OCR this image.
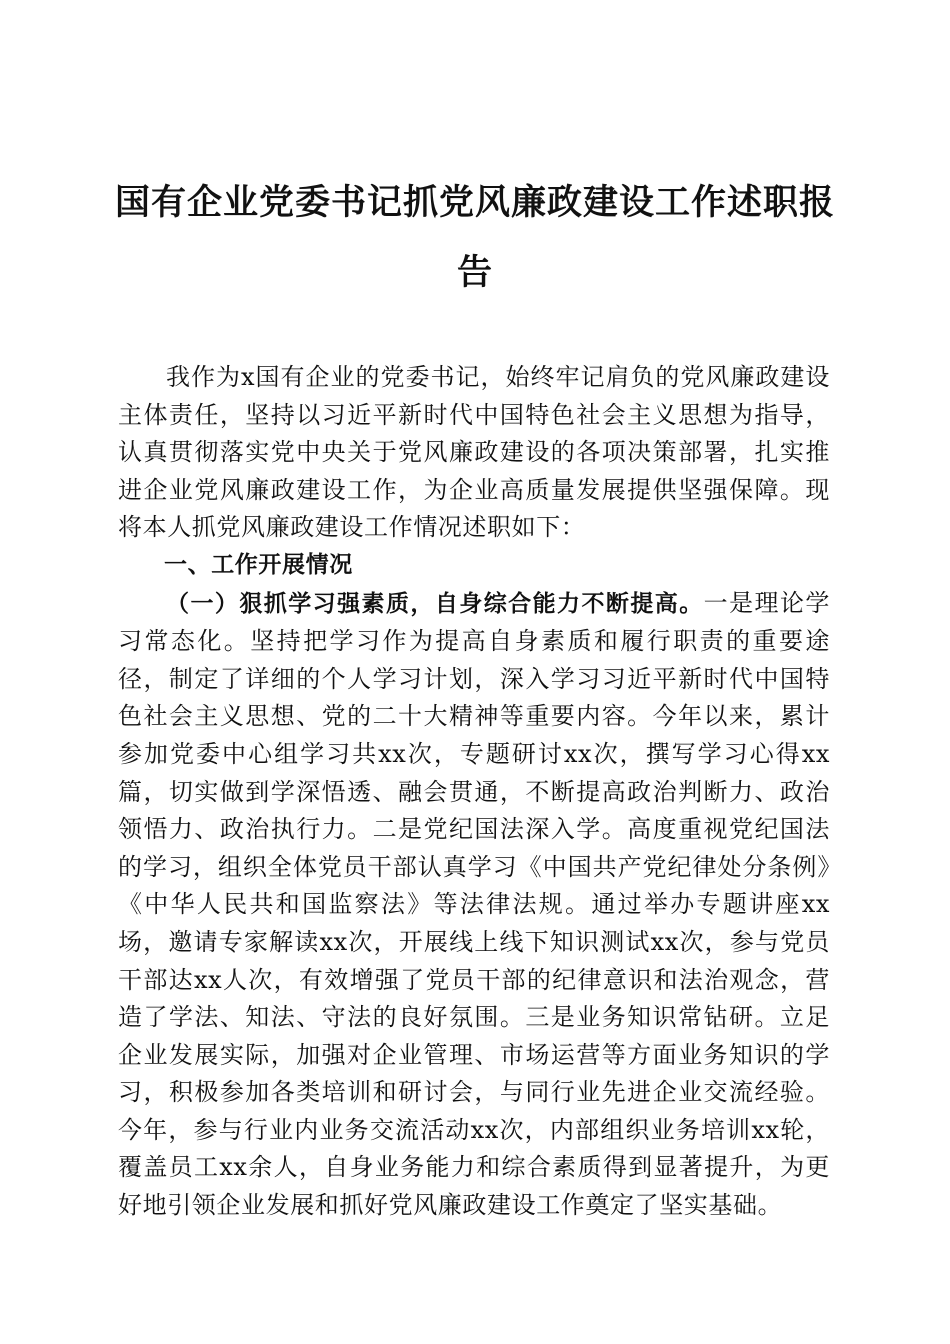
国有企业党委书记抓党风廉政建设工作述职报告

我作为x国有企业的党委书记，始终牢记肩负的党风廉政建设主体责任，坚持以习近平新时代中国特色社会主义思想为指导，认真贯彻落实党中央关于党风廉政建设的各项决策部署，扎实推进企业党风廉政建设工作，为企业高质量发展提供坚强保障。现将本人抓党风廉政建设工作情况述职如下：

一、工作开展情况

（一）狠抓学习强素质，自身综合能力不断提高。一是理论学习常态化。坚持把学习作为提高自身素质和履行职责的重要途径，制定了详细的个人学习计划，深入学习习近平新时代中国特色社会主义思想、党的二十大精神等重要内容。今年以来，累计参加党委中心组学习共xx次，专题研讨xx次，撰写学习心得xx篇，切实做到学深悟透、融会贯通，不断提高政治判断力、政治领悟力、政治执行力。二是党纪国法深入学。高度重视党纪国法的学习，组织全体党员干部认真学习《中国共产党纪律处分条例》《中华人民共和国监察法》等法律法规。通过举办专题讲座xx场，邀请专家解读xx次，开展线上线下知识测试xx次，参与党员干部达xx人次，有效增强了党员干部的纪律意识和法治观念，营造了学法、知法、守法的良好氛围。三是业务知识常钻研。立足企业发展实际，加强对企业管理、市场运营等方面业务知识的学习，积极参加各类培训和研讨会，与同行业先进企业交流经验。今年，参与行业内业务交流活动xx次，内部组织业务培训xx轮，覆盖员工xx余人，自身业务能力和综合素质得到显著提升，为更好地引领企业发展和抓好党风廉政建设工作奠定了坚实基础。
